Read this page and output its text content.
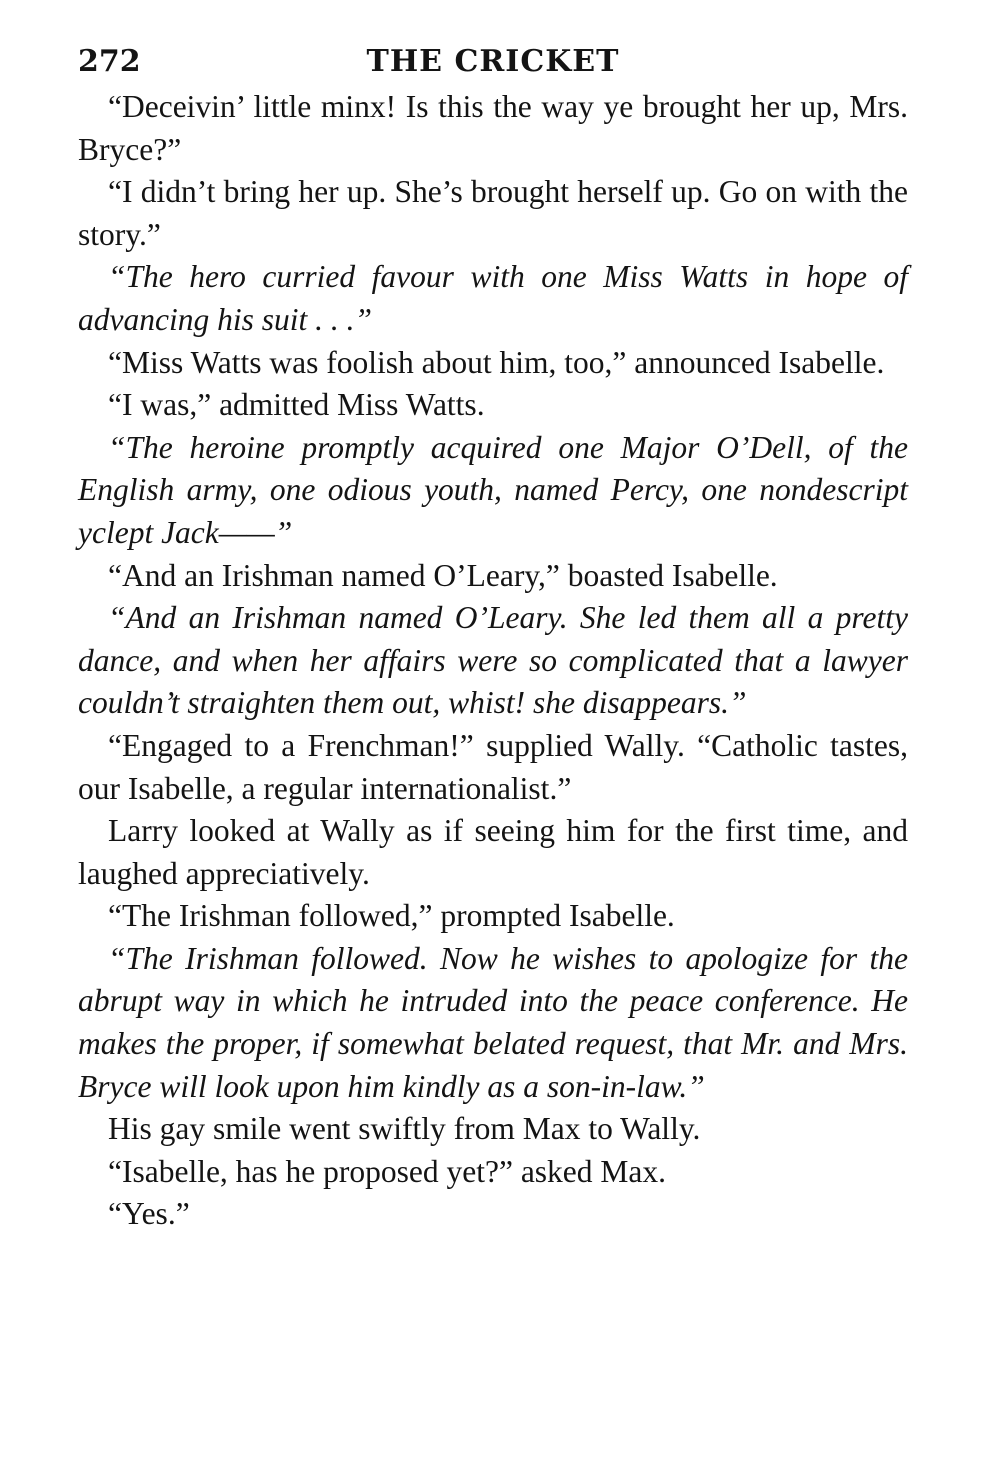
272	THE CRICKET

“Deceivin’ little minx! Is this the way ye brought her up, Mrs. Bryce?”

“I didn’t bring her up. She’s brought herself up. Go on with the story.”

“The hero curried favour with one Miss Watts in hope of advancing his suit . . .”

“Miss Watts was foolish about him, too,” announced Isabelle.

“I was,” admitted Miss Watts.

“The heroine promptly acquired one Major O’Dell, of the English army, one odious youth, named Percy, one nondescript yclept Jack——”

“And an Irishman named O’Leary,” boasted Isabelle.

“And an Irishman named O’Leary. She led them all a pretty dance, and when her affairs were so complicated that a lawyer couldn’t straighten them out, whist! she disappears.”

“Engaged to a Frenchman!” supplied Wally. “Catholic tastes, our Isabelle, a regular internationalist.”

Larry looked at Wally as if seeing him for the first time, and laughed appreciatively.

“The Irishman followed,” prompted Isabelle.

“The Irishman followed. Now he wishes to apologize for the abrupt way in which he intruded into the peace conference. He makes the proper, if somewhat belated request, that Mr. and Mrs. Bryce will look upon him kindly as a son-in-law.”

His gay smile went swiftly from Max to Wally.

“Isabelle, has he proposed yet?” asked Max.

“Yes.”
